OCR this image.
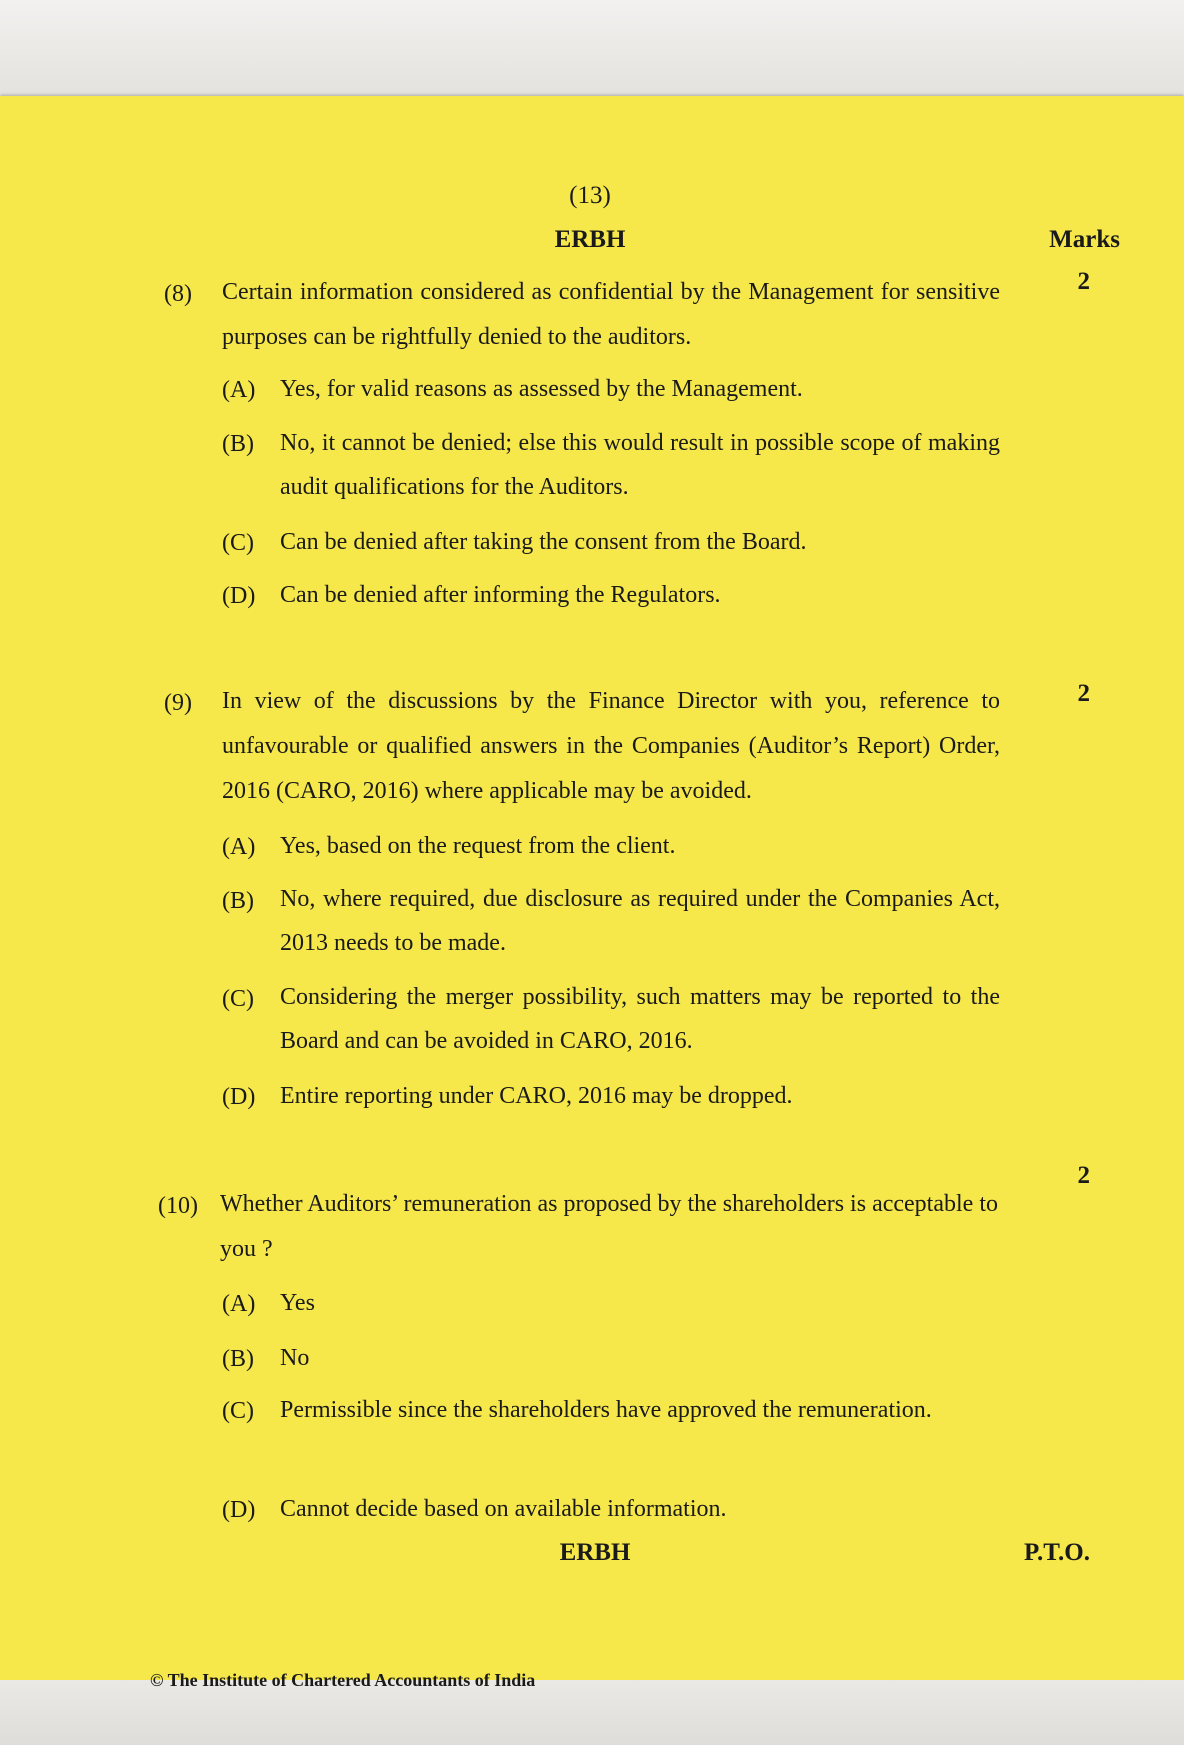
(13)
ERBH	Marks
2
(8) Certain information considered as confidential by the Management for sensitive purposes can be rightfully denied to the auditors.
(A) Yes, for valid reasons as assessed by the Management.
(B) No, it cannot be denied; else this would result in possible scope of making audit qualifications for the Auditors.
(C) Can be denied after taking the consent from the Board.
(D) Can be denied after informing the Regulators.
2
(9) In view of the discussions by the Finance Director with you, reference to unfavourable or qualified answers in the Companies (Auditor’s Report) Order, 2016 (CARO, 2016) where applicable may be avoided.
(A) Yes, based on the request from the client.
(B) No, where required, due disclosure as required under the Companies Act, 2013 needs to be made.
(C) Considering the merger possibility, such matters may be reported to the Board and can be avoided in CARO, 2016.
(D) Entire reporting under CARO, 2016 may be dropped.
2
(10) Whether Auditors’ remuneration as proposed by the shareholders is acceptable to you ?
(A) Yes
(B) No
(C) Permissible since the shareholders have approved the remuneration.
(D) Cannot decide based on available information.
ERBH	P.T.O.
© The Institute of Chartered Accountants of India
